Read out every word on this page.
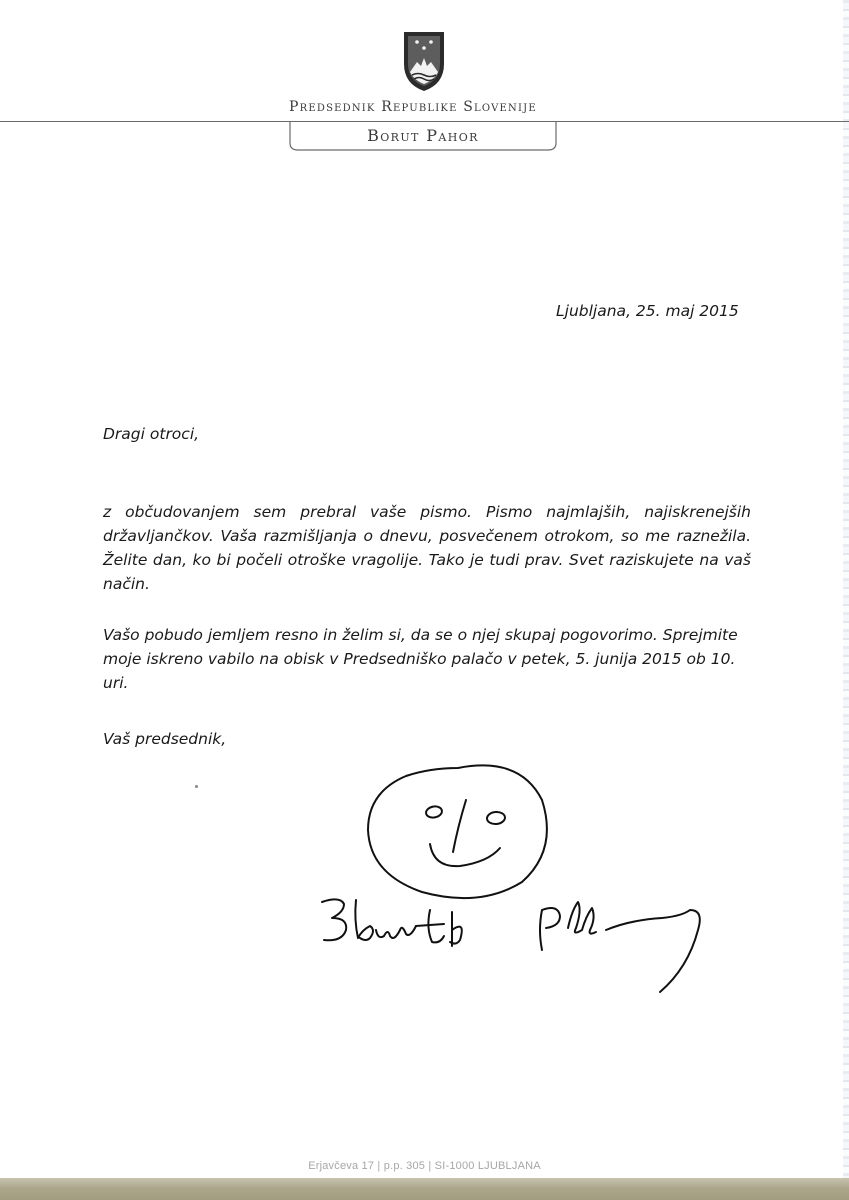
Predsednik Republike Slovenije
Borut Pahor
Ljubljana, 25. maj 2015
Dragi otroci,
z občudovanjem sem prebral vaše pismo. Pismo najmlajših, najiskrenejših državljančkov. Vaša razmišljanja o dnevu, posvečenem otrokom, so me raznežila. Želite dan, ko bi počeli otroške vragolije. Tako je tudi prav. Svet raziskujete na vaš način.
Vašo pobudo jemljem resno in želim si, da se o njej skupaj pogovorimo. Sprejmite moje iskreno vabilo na obisk v Predsedniško palačo v petek, 5. junija 2015 ob 10. uri.
Vaš predsednik,
Erjavčeva 17 | p.p. 305 | SI-1000 LJUBLJANA
